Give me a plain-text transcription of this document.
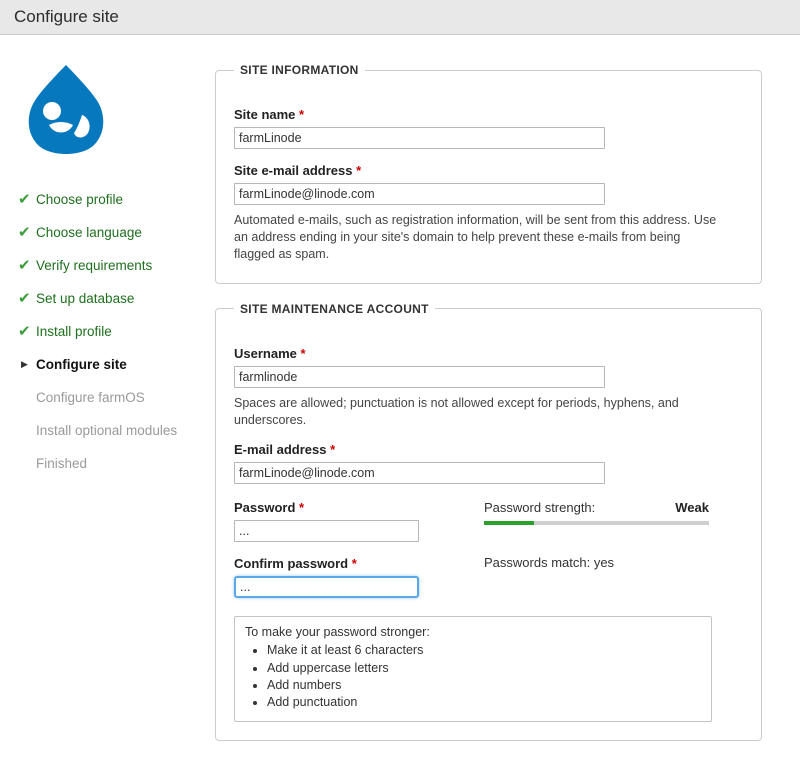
Configure site
✔ Choose profile
✔ Choose language
✔ Verify requirements
✔ Set up database
✔ Install profile
▶ Configure site
Configure farmOS
Install optional modules
Finished
SITE INFORMATION
Site name *
farmLinode
Site e-mail address *
farmLinode@linode.com
Automated e-mails, such as registration information, will be sent from this address. Use an address ending in your site's domain to help prevent these e-mails from being flagged as spam.
SITE MAINTENANCE ACCOUNT
Username *
farmlinode
Spaces are allowed; punctuation is not allowed except for periods, hyphens, and underscores.
E-mail address *
farmLinode@linode.com
Password *
...
Confirm password *
...
Password strength:	Weak
Passwords match: yes
To make your password stronger:
• Make it at least 6 characters
• Add uppercase letters
• Add numbers
• Add punctuation
